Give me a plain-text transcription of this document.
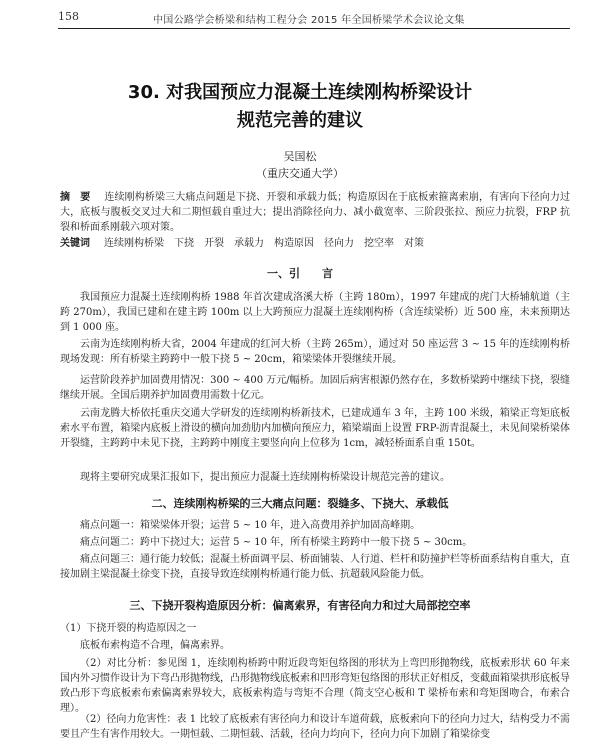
158	中国公路学会桥梁和结构工程分会 2015 年全国桥梁学术会议论文集
30. 对我国预应力混凝土连续刚构桥梁设计
规范完善的建议
吴国松
（重庆交通大学）
摘　要 连续刚构桥梁三大痛点问题是下挠、开裂和承载力低；构造原因在于底板索箍离索崩，有害向下径向力过大，底板与腹板交叉过大和二期恒载自重过大；提出消除径向力、减小截宽率、三阶段张拉、预应力抗裂，FRP 抗裂和桥面系刚载六项对策。
关键词 连续刚构桥梁　下挠　开裂　承载力　构造原因　径向力　挖空率　对策
一、引　　言
我国预应力混凝土连续刚构桥 1988 年首次建成洛溪大桥（主跨 180m），1997 年建成的虎门大桥辅航道（主跨 270m），我国已建和在建主跨 100m 以上大跨预应力混凝土连续刚构桥（含连续梁桥）近 500 座，未来预期达到 1 000 座。
云南为连续刚构桥大省，2004 年建成的红河大桥（主跨 265m），通过对 50 座运营 3 ~ 15 年的连续刚构桥现场发现：所有桥梁主跨跨中一般下挠 5 ~ 20cm，箱梁梁体开裂继续开展。
运营阶段养护加固费用情况：300 ~ 400 万元/幅桥。加固后病害根源仍然存在，多数桥梁跨中继续下挠，裂缝继续开展。全国后期养护加固费用需数十亿元。
云南龙腾大桥依托重庆交通大学研发的连续刚构桥新技术，已建成通车 3 年，主跨 100 米级，箱梁正弯矩底板索水平布置，箱梁内底板上滑设的横向加劲肋内加横向预应力，箱梁端面上设置 FRP-沥青混凝土，未见间梁桥梁体开裂缝，主跨跨中未见下挠，主跨跨中刚度主要竖向向上位移为 1cm，减轻桥面系自重 150t。
现将主要研究成果汇报如下，提出预应力混凝土连续刚构桥梁设计规范完善的建议。
二、连续刚构桥梁的三大痛点问题：裂缝多、下挠大、承载低
痛点问题一：箱梁梁体开裂；运营 5 ~ 10 年，进入高费用养护加固高峰期。
痛点问题二：跨中下挠过大；运营 5 ~ 10 年，所有桥梁主跨跨中一般下挠 5 ~ 30cm。
痛点问题三：通行能力较低；混凝土桥面调平层、桥面铺装、人行道、栏杆和防撞护栏等桥面系结构自重大，直接加剧主梁混凝土徐变下挠，直接导致连续刚构桥通行能力低、抗超载风险能力低。
三、下挠开裂构造原因分析：偏离索界，有害径向力和过大局部挖空率
（1）下挠开裂的构造原因之一
底板布索构造不合理，偏离索界。
（2）对比分析：参见图 1，连续刚构桥跨中附近段弯矩包络图的形状为上弯凹形抛物线，底板索形状 60 年来国内外习惯作设计为下弯凸形抛物线，凸形抛物线底板索和凹形弯矩包络图的形状正好相反，变截面箱梁拱形底板导致凸形下弯底板索布索偏离索界较大，底板索构造与弯矩不合理（简支空心板和 T 梁桥布索和弯矩图吻合，布索合理）。
（2）径向力危害性：表 1 比较了底板索有害径向力和设计车道荷载，底板索向下的径向力过大，结构受力不需要且产生有害作用较大。一期恒载、二期恒载、活载，径向力均向下，径向力向下加剧了箱梁徐变
